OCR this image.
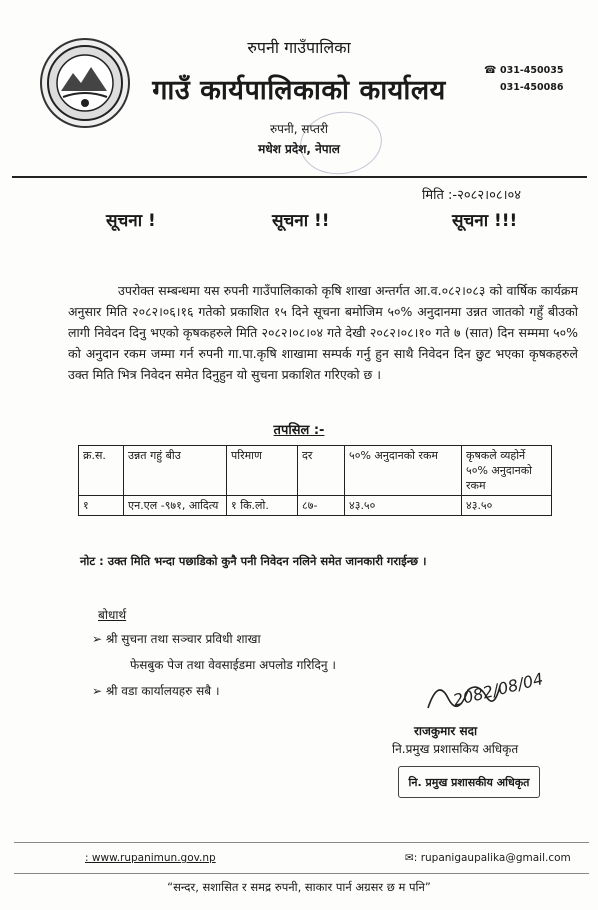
रुपनी गाउँपालिका
गाउँ कार्यपालिकाको कार्यालय
☎ 031-450035
031-450086
रुपनी, सप्तरी
मधेश प्रदेश, नेपाल
मिति :-२०८२।०८।०४
सूचना !	सूचना !!	सूचना !!!
उपरोक्त सम्बन्धमा यस रुपनी गाउँपालिकाको कृषि शाखा अन्तर्गत आ.व.०८२।०८३ को वार्षिक कार्यक्रम अनुसार मिति २०८२।०६।१६ गतेको प्रकाशित १५ दिने सूचना बमोजिम ५०% अनुदानमा उन्नत जातको गहुँ बीउको लागी निवेदन दिनु भएको कृषकहरुले मिति २०८२।०८।०४ गते देखी २०८२।०८।१० गते ७ (सात) दिन सम्ममा ५०% को अनुदान रकम जम्मा गर्न रुपनी गा.पा.कृषि शाखामा सम्पर्क गर्नु हुन साथै निवेदन दिन छुट भएका कृषकहरुले उक्त मिति भित्र निवेदन समेत दिनुहुन यो सुचना प्रकाशित गरिएको छ ।
तपसिल :-
क्र.स.	उन्नत गहुं बीउ	परिमाण	दर	५०% अनुदानको रकम	कृषकले व्यहोर्ने ५०% अनुदानको रकम
१	एन.एल -९७१, आदित्य	१ कि.लो.	८७-	४३.५०	४३.५०
नोट : उक्त मिति भन्दा पछाडिको कुनै पनी निवेदन नलिने समेत जानकारी गराईन्छ ।
बोधार्थ
➢ श्री सुचना तथा सञ्चार प्रविधी शाखा
फेसबुक पेज तथा वेवसाईडमा अपलोड गरिदिनु ।
➢ श्री वडा कार्यालयहरु सबै ।	2082/08/04
राजकुमार सदा
नि.प्रमुख प्रशासकिय अधिकृत
नि. प्रमुख प्रशासकीय अधिकृत
: www.rupanimun.gov.np	✉: rupanigaupalika@gmail.com
“सन्दर, सशासित र समद्र रुपनी, साकार पार्न अग्रसर छ म पनि”
